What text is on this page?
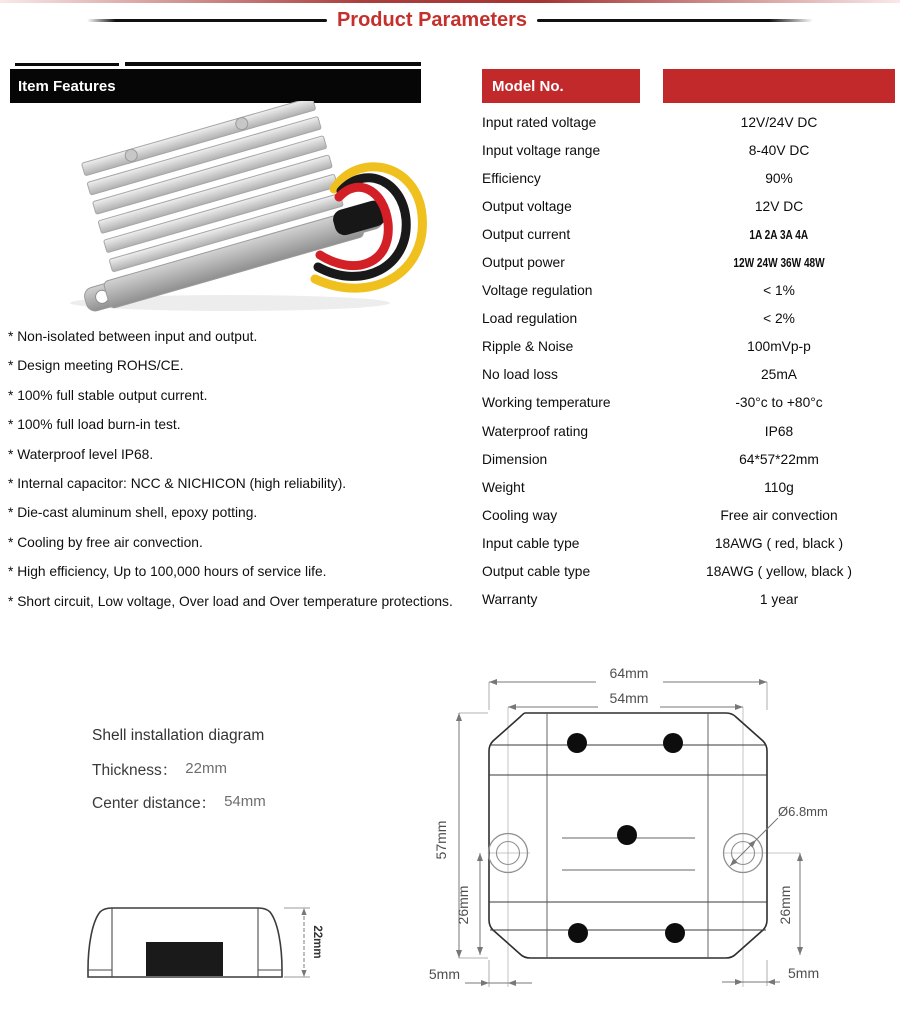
Product Parameters
Item Features	Model No.
* Non-isolated between input and output.
* Design meeting ROHS/CE.
* 100% full stable output current.
* 100% full load burn-in test.
* Waterproof level IP68.
* Internal capacitor: NCC & NICHICON (high reliability).
* Die-cast aluminum shell, epoxy potting.
* Cooling by free air convection.
* High efficiency, Up to 100,000 hours of service life.
* Short circuit, Low voltage, Over load and Over temperature protections.
Input rated voltage	12V/24V DC
Input voltage range	8-40V DC
Efficiency	90%
Output voltage	12V DC
Output current	1A 2A 3A 4A
Output power	12W 24W 36W 48W
Voltage regulation	< 1%
Load regulation	< 2%
Ripple & Noise	100mVp-p
No load loss	25mA
Working temperature	-30°c to +80°c
Waterproof rating	IP68
Dimension	64*57*22mm
Weight	110g
Cooling way	Free air convection
Input cable type	18AWG ( red, black )
Output cable type	18AWG ( yellow, black )
Warranty	1 year
Shell installation diagram
Thickness： 22mm
Center distance： 54mm
22mm
64mm
54mm
57mm
26mm	26mm
Ø6.8mm
5mm	5mm
